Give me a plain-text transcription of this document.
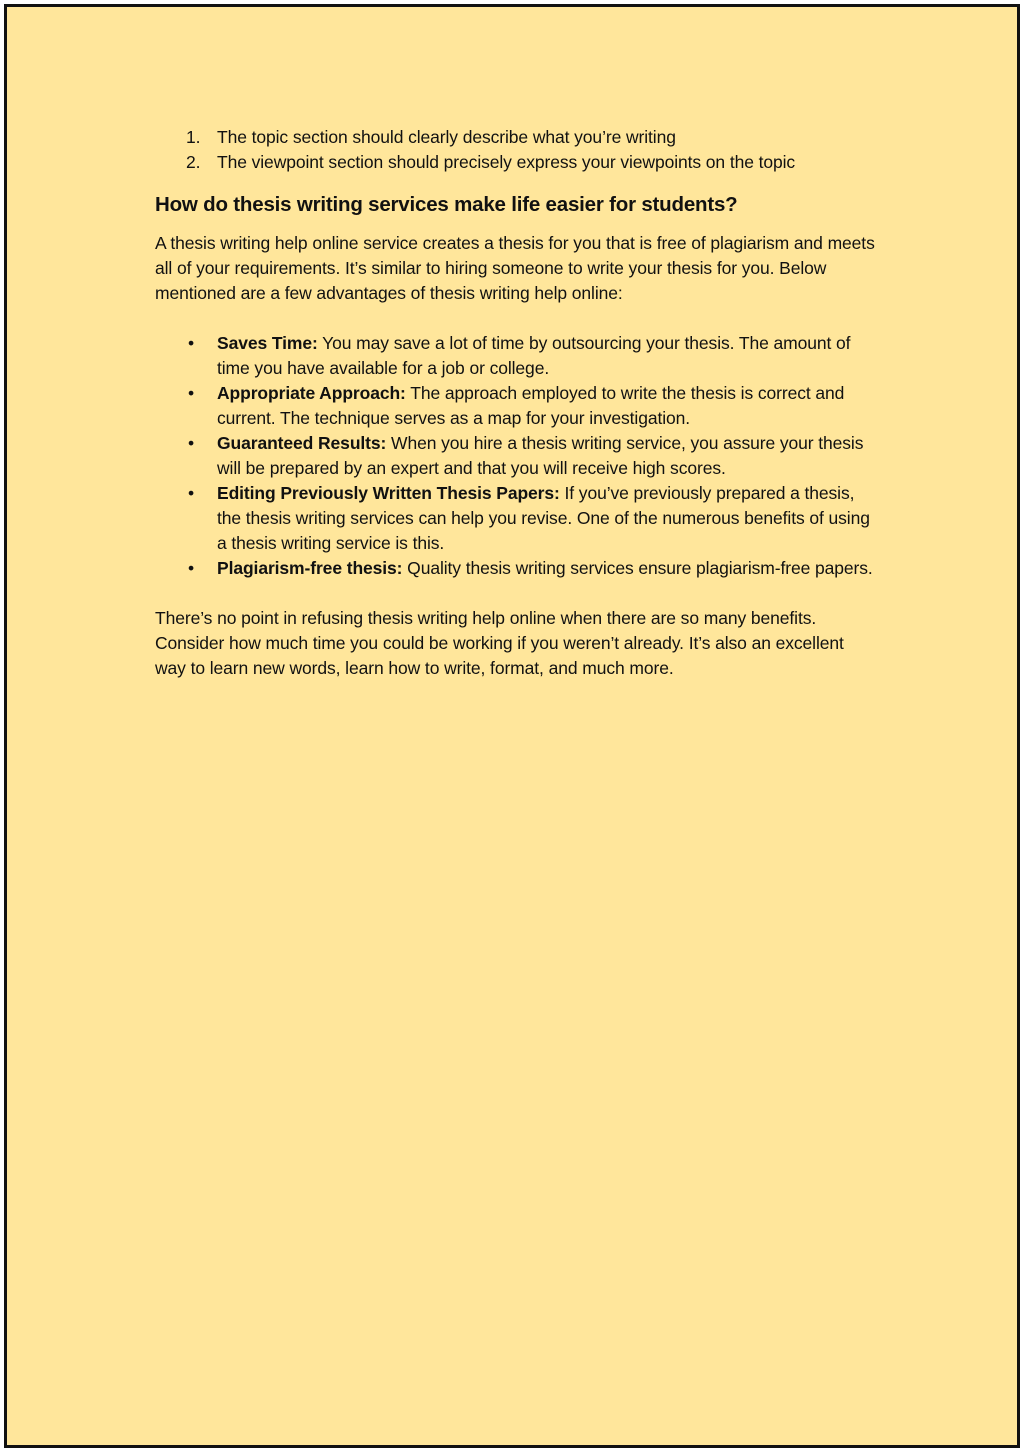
1. The topic section should clearly describe what you’re writing
2. The viewpoint section should precisely express your viewpoints on the topic
How do thesis writing services make life easier for students?

A thesis writing help online service creates a thesis for you that is free of plagiarism and meets all of your requirements. It’s similar to hiring someone to write your thesis for you. Below mentioned are a few advantages of thesis writing help online:

• Saves Time: You may save a lot of time by outsourcing your thesis. The amount of time you have available for a job or college.
• Appropriate Approach: The approach employed to write the thesis is correct and current. The technique serves as a map for your investigation.
• Guaranteed Results: When you hire a thesis writing service, you assure your thesis will be prepared by an expert and that you will receive high scores.
• Editing Previously Written Thesis Papers: If you’ve previously prepared a thesis, the thesis writing services can help you revise. One of the numerous benefits of using a thesis writing service is this.
• Plagiarism-free thesis: Quality thesis writing services ensure plagiarism-free papers.

There’s no point in refusing thesis writing help online when there are so many benefits. Consider how much time you could be working if you weren’t already. It’s also an excellent way to learn new words, learn how to write, format, and much more.
